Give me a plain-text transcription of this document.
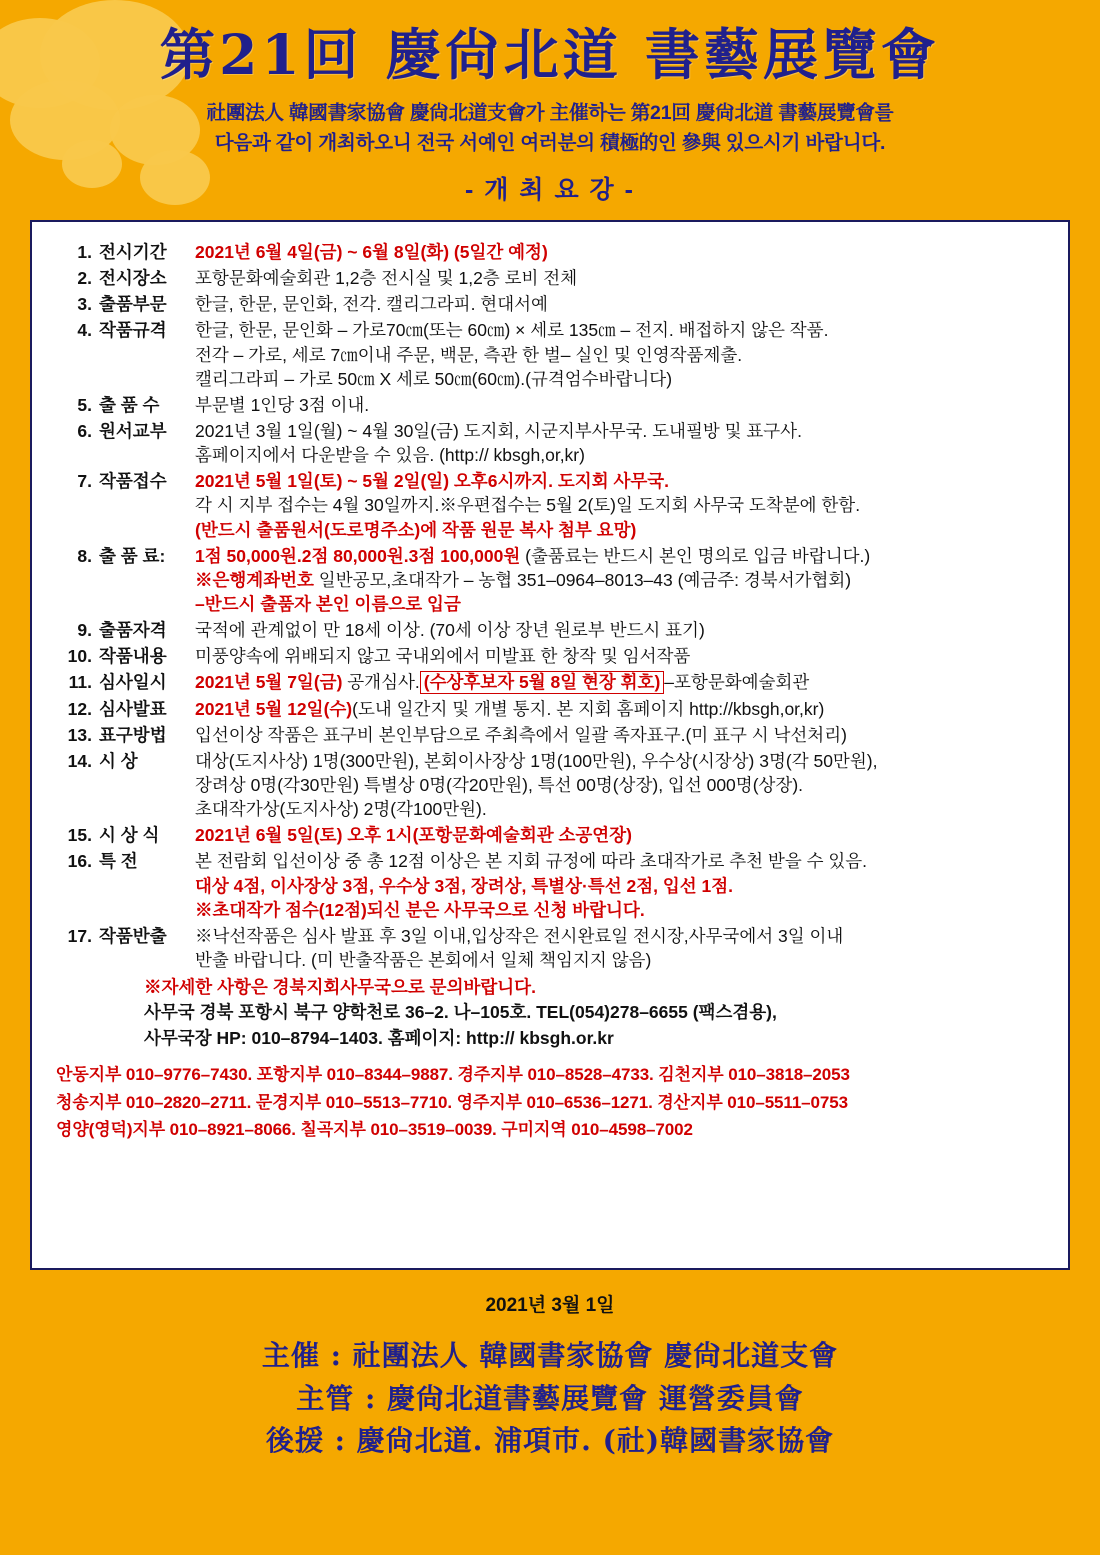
第21回 慶尙北道 書藝展覽會
社團法人 韓國書家協會 慶尙北道支會가 主催하는 第21回 慶尙北道 書藝展覽會를
다음과 같이 개최하오니 전국 서예인 여러분의 積極的인 參與 있으시기 바랍니다.
- 개 최 요 강 -
1. 전시기간	2021년 6월 4일(금) ~ 6월 8일(화) (5일간 예정)
2. 전시장소	포항문화예술회관 1,2층 전시실 및 1,2층 로비 전체
3. 출품부문	한글, 한문, 문인화, 전각. 캘리그라피. 현대서예
4. 작품규격	한글, 한문, 문인화 – 가로70㎝(또는 60㎝) × 세로 135㎝ – 전지. 배접하지 않은 작품.
전각 – 가로, 세로 7㎝이내 주문, 백문, 측관 한 벌– 실인 및 인영작품제출.
캘리그라피 – 가로 50㎝ X 세로 50㎝(60㎝).(규격엄수바랍니다)
5. 출 품 수	부문별 1인당 3점 이내.
6. 원서교부	2021년 3월 1일(월) ~ 4월 30일(금) 도지회, 시군지부사무국. 도내필방 및 표구사.
홈페이지에서 다운받을 수 있음. (http:// kbsgh,or,kr)
7. 작품접수	2021년 5월 1일(토) ~ 5월 2일(일) 오후6시까지. 도지회 사무국.
각 시 지부 접수는 4월 30일까지.※우편접수는 5월 2(토)일 도지회 사무국 도착분에 한함.
(반드시 출품원서(도로명주소)에 작품 원문 복사 첨부 요망)
8. 출 품 료:	1점 50,000원.2점 80,000원.3점 100,000원 (출품료는 반드시 본인 명의로 입금 바랍니다.)
※은행계좌번호 일반공모,초대작가 – 농협 351–0964–8013–43 (예금주: 경북서가협회)
–반드시 출품자 본인 이름으로 입금
9. 출품자격	국적에 관계없이 만 18세 이상. (70세 이상 장년 원로부 반드시 표기)
10. 작품내용	미풍양속에 위배되지 않고 국내외에서 미발표 한 창작 및 임서작품
11. 심사일시	2021년 5월 7일(금) 공개심사. (수상후보자 5월 8일 현장 휘호) –포항문화예술회관
12. 심사발표	2021년 5월 12일(수)(도내 일간지 및 개별 통지. 본 지회 홈페이지 http://kbsgh,or,kr)
13. 표구방법	입선이상 작품은 표구비 본인부담으로 주최측에서 일괄 족자표구.(미 표구 시 낙선처리)
14. 시 상	대상(도지사상) 1명(300만원), 본회이사장상 1명(100만원), 우수상(시장상) 3명(각 50만원),
장려상 0명(각30만원) 특별상 0명(각20만원), 특선 00명(상장), 입선 000명(상장).
초대작가상(도지사상) 2명(각100만원).
15. 시 상 식	2021년 6월 5일(토) 오후 1시(포항문화예술회관 소공연장)
16. 특 전	본 전람회 입선이상 중 총 12점 이상은 본 지회 규정에 따라 초대작가로 추천 받을 수 있음.
대상 4점, 이사장상 3점, 우수상 3점, 장려상, 특별상·특선 2점, 입선 1점.
※초대작가 점수(12점)되신 분은 사무국으로 신청 바랍니다.
17. 작품반출	※낙선작품은 심사 발표 후 3일 이내,입상작은 전시완료일 전시장,사무국에서 3일 이내
반출 바랍니다. (미 반출작품은 본회에서 일체 책임지지 않음)
※자세한 사항은 경북지회사무국으로 문의바랍니다.
사무국 경북 포항시 북구 양학천로 36–2. 나–105호. TEL(054)278–6655 (팩스겸용),
사무국장 HP: 010–8794–1403. 홈페이지: http:// kbsgh.or.kr
안동지부 010–9776–7430. 포항지부 010–8344–9887. 경주지부 010–8528–4733. 김천지부 010–3818–2053
청송지부 010–2820–2711. 문경지부 010–5513–7710. 영주지부 010–6536–1271. 경산지부 010–5511–0753
영양(영덕)지부 010–8921–8066. 칠곡지부 010–3519–0039. 구미지역 010–4598–7002
2021년 3월 1일
主催 : 社團法人 韓國書家協會 慶尙北道支會
主管 : 慶尙北道書藝展覽會 運營委員會
後援 : 慶尙北道. 浦項市. (社)韓國書家協會
